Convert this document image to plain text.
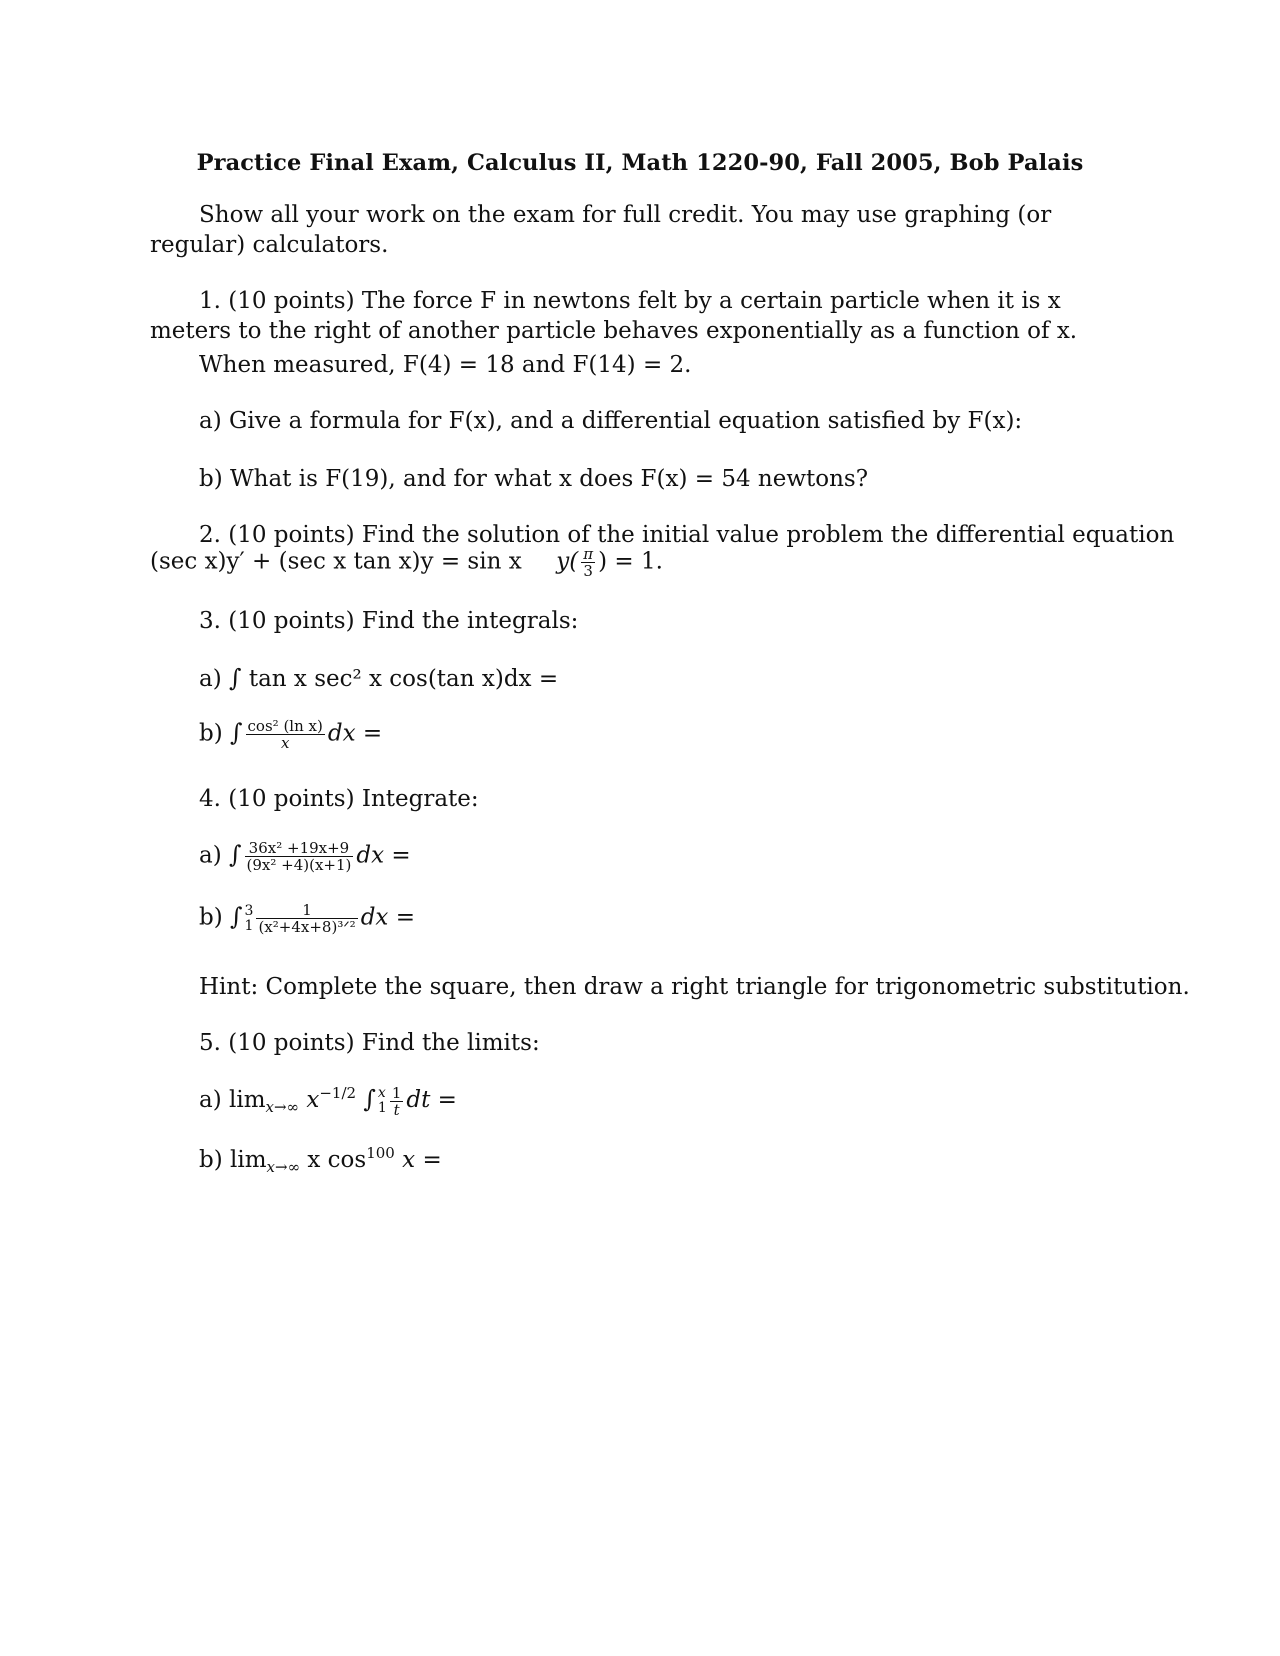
Practice Final Exam, Calculus II, Math 1220-90, Fall 2005, Bob Palais
Show all your work on the exam for full credit. You may use graphing (or regular) calculators.
1. (10 points) The force F in newtons felt by a certain particle when it is x meters to the right of another particle behaves exponentially as a function of x.
When measured, F(4) = 18 and F(14) = 2.
a) Give a formula for F(x), and a differential equation satisfied by F(x):
b) What is F(19), and for what x does F(x) = 54 newtons?
2. (10 points) Find the solution of the initial value problem the differential equation
(sec x)y′ + (sec x tan x)y = sin x $y( \frac{\pi}{3}$ ) = 1.
3. (10 points) Find the integrals:
a) ∫ tan x sec² x cos(tan x)dx =
b) ∫ $\frac{\text{cos² (ln x)}}{x}$ dx =
4. (10 points) Integrate:
a) ∫ $\frac{\text{36x² +19x+9}}{\text{(9x² +4)(x+1)}}$ dx =
b) ∫ 3
$1 \frac{1}{\text{(x²+4x+8)³ᐟ²}}$ dx =
Hint: Complete the square, then draw a right triangle for trigonometric substitution.
5. (10 points) Find the limits:
a) $\lim_{x\to\infty} x^{-1/2}$ ∫ x
$1 \frac{1}{t}$ dt =
b) $\lim_{x\to\infty} x$ $\cos^{100} x$ =
